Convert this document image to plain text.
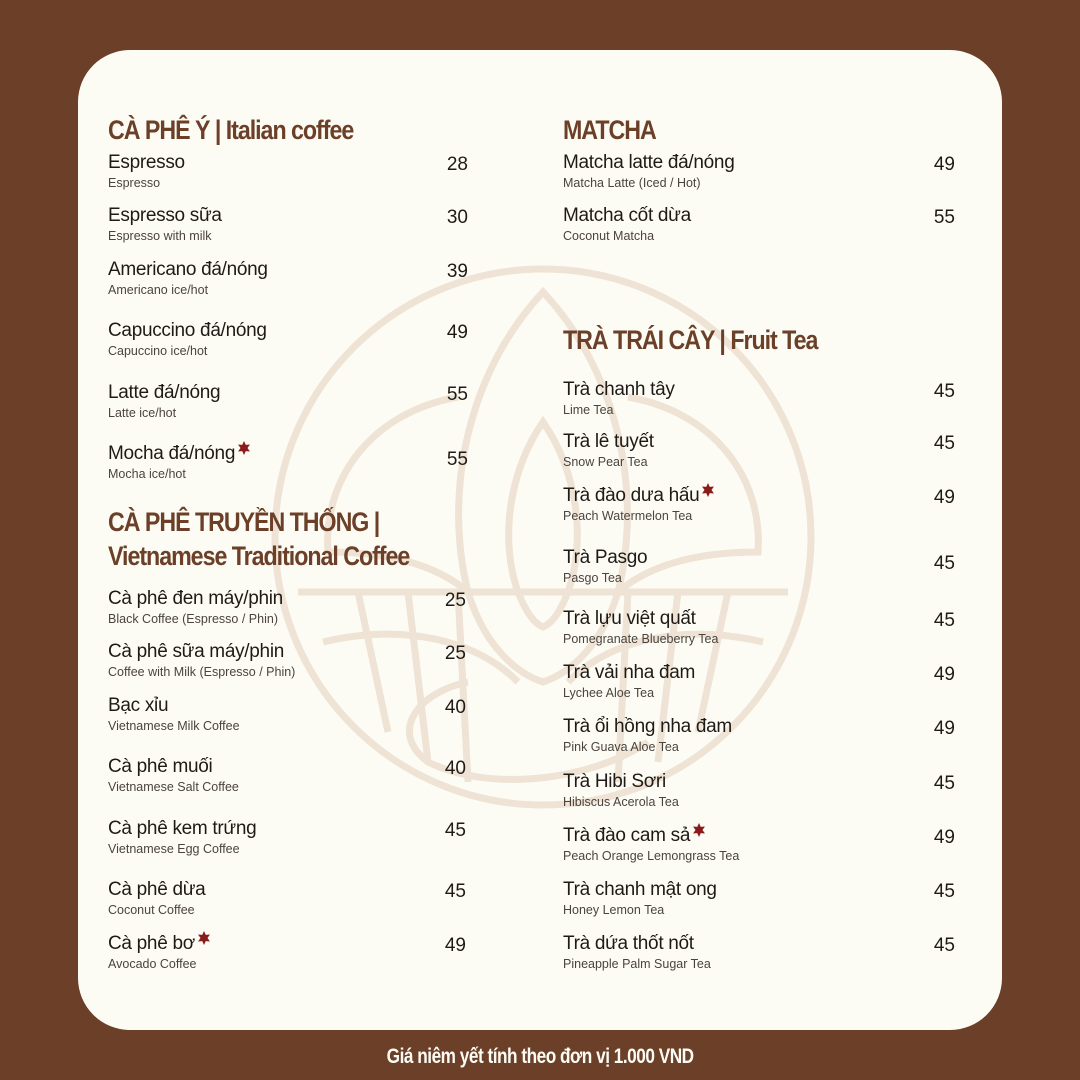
CÀ PHÊ Ý | Italian coffee
Espresso
Espresso
28
Espresso sữa
Espresso with milk
30
Americano đá/nóng
Americano ice/hot
39
Capuccino đá/nóng
Capuccino ice/hot
49
Latte đá/nóng
Latte ice/hot
55
Mocha đá/nóng
Mocha ice/hot
55
CÀ PHÊ TRUYỀN THỐNG |
Vietnamese Traditional Coffee
Cà phê đen máy/phin
Black Coffee (Espresso / Phin)
25
Cà phê sữa máy/phin
Coffee with Milk (Espresso / Phin)
25
Bạc xỉu
Vietnamese Milk Coffee
40
Cà phê muối
Vietnamese Salt Coffee
40
Cà phê kem trứng
Vietnamese Egg Coffee
45
Cà phê dừa
Coconut Coffee
45
Cà phê bơ
Avocado Coffee
49
MATCHA
Matcha latte đá/nóng
Matcha Latte (Iced / Hot)
49
Matcha cốt dừa
Coconut Matcha
55
TRÀ TRÁI CÂY | Fruit Tea
Trà chanh tây
Lime Tea
45
Trà lê tuyết
Snow Pear Tea
45
Trà đào dưa hấu
Peach Watermelon Tea
49
Trà Pasgo
Pasgo Tea
45
Trà lựu việt quất
Pomegranate Blueberry Tea
45
Trà vải nha đam
Lychee Aloe Tea
49
Trà ổi hồng nha đam
Pink Guava Aloe Tea
49
Trà Hibi Sơri
Hibiscus Acerola Tea
45
Trà đào cam sả
Peach Orange Lemongrass Tea
49
Trà chanh mật ong
Honey Lemon Tea
45
Trà dứa thốt nốt
Pineapple Palm Sugar Tea
45
Giá niêm yết tính theo đơn vị 1.000 VND
